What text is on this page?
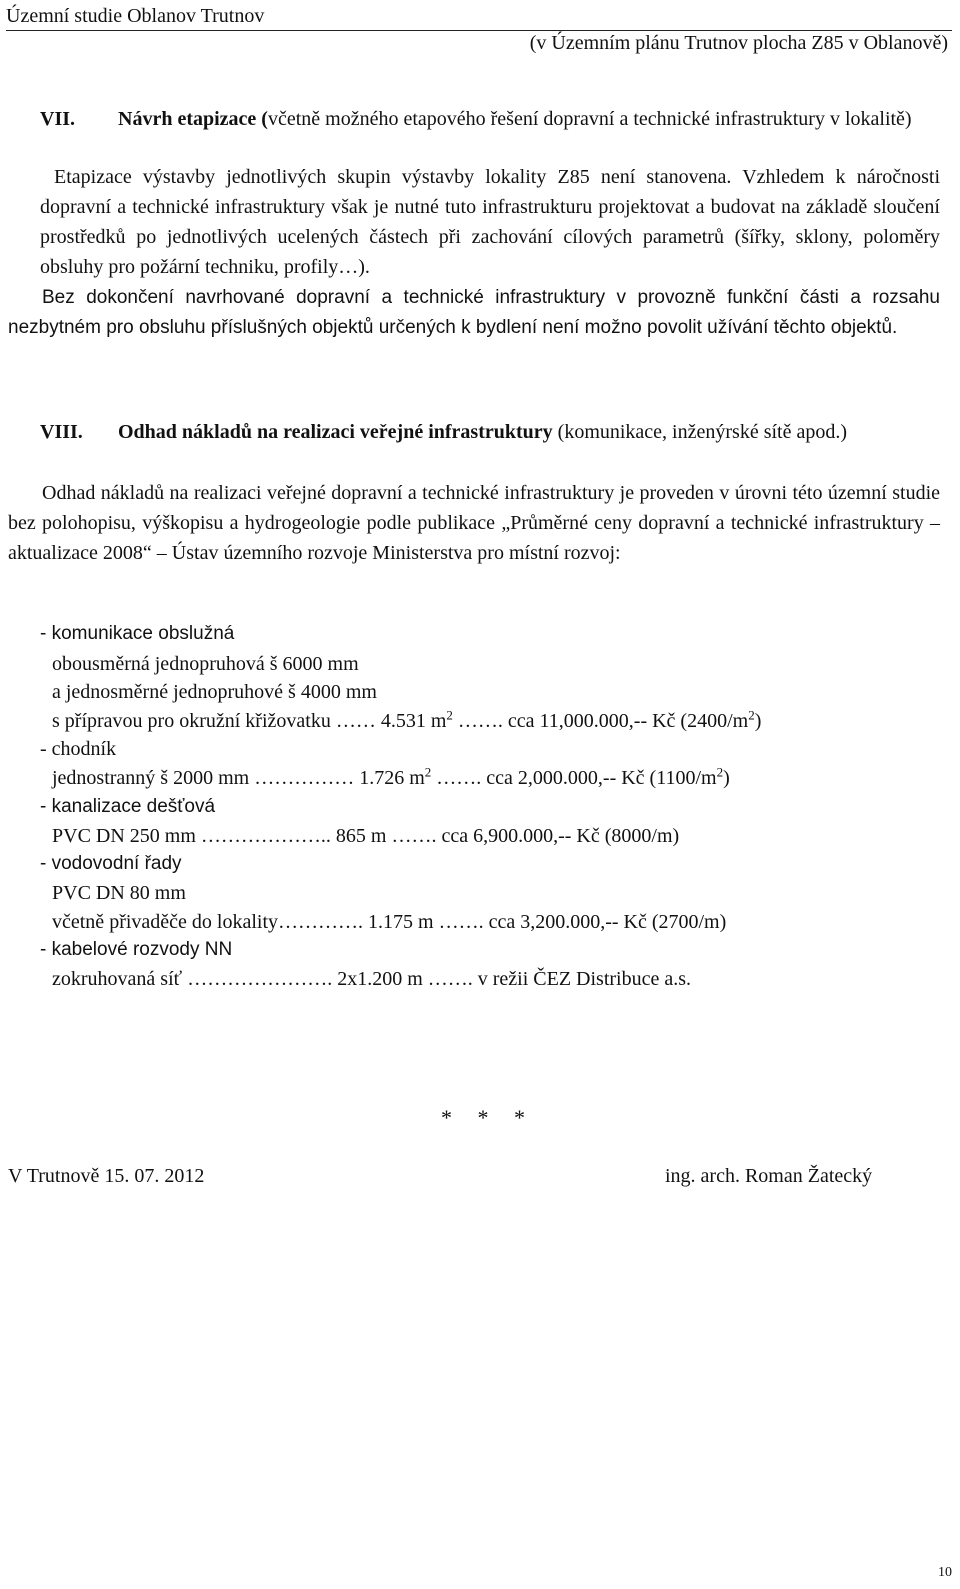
Územní studie Oblanov Trutnov
(v Územním plánu Trutnov plocha Z85 v Oblanově)
VII. Návrh etapizace (včetně možného etapového řešení dopravní a technické infrastruktury v lokalitě)
Etapizace výstavby jednotlivých skupin výstavby lokality Z85 není stanovena. Vzhledem k náročnosti dopravní a technické infrastruktury však je nutné tuto infrastrukturu projektovat a budovat na základě sloučení prostředků po jednotlivých ucelených částech při zachování cílových parametrů (šířky, sklony, poloměry obsluhy pro požární techniku, profily…).
Bez dokončení navrhované dopravní a technické infrastruktury v provozně funkční části a rozsahu nezbytném pro obsluhu příslušných objektů určených k bydlení není možno povolit užívání těchto objektů.
VIII. Odhad nákladů na realizaci veřejné infrastruktury (komunikace, inženýrské sítě apod.)
Odhad nákladů na realizaci veřejné dopravní a technické infrastruktury je proveden v úrovni této územní studie bez polohopisu, výškopisu a hydrogeologie podle publikace „Průměrné ceny dopravní a technické infrastruktury – aktualizace 2008“ – Ústav územního rozvoje Ministerstva pro místní rozvoj:
- komunikace obslužná
obousměrná jednopruhová š 6000 mm
a jednosměrné jednopruhové š 4000 mm
s přípravou pro okružní křižovatku …… 4.531 $m^2$ ……. cca 11,000.000,-- Kč $(2400/m^2)$
- chodník
jednostranný š 2000 mm …………… 1.726 $m^2$ ……. cca 2,000.000,-- Kč $(1100/m^2)$
- kanalizace dešťová
PVC DN 250 mm ……………….. 865 m ……. cca 6,900.000,-- Kč (8000/m)
- vodovodní řady
PVC DN 80 mm
včetně přivaděče do lokality…………. 1.175 m ……. cca 3,200.000,-- Kč (2700/m)
- kabelové rozvody NN
zokruhovaná síť …………………. 2x1.200 m ……. v režii ČEZ Distribuce a.s.
* * *
V Trutnově 15. 07. 2012	ing. arch. Roman Žatecký
10
